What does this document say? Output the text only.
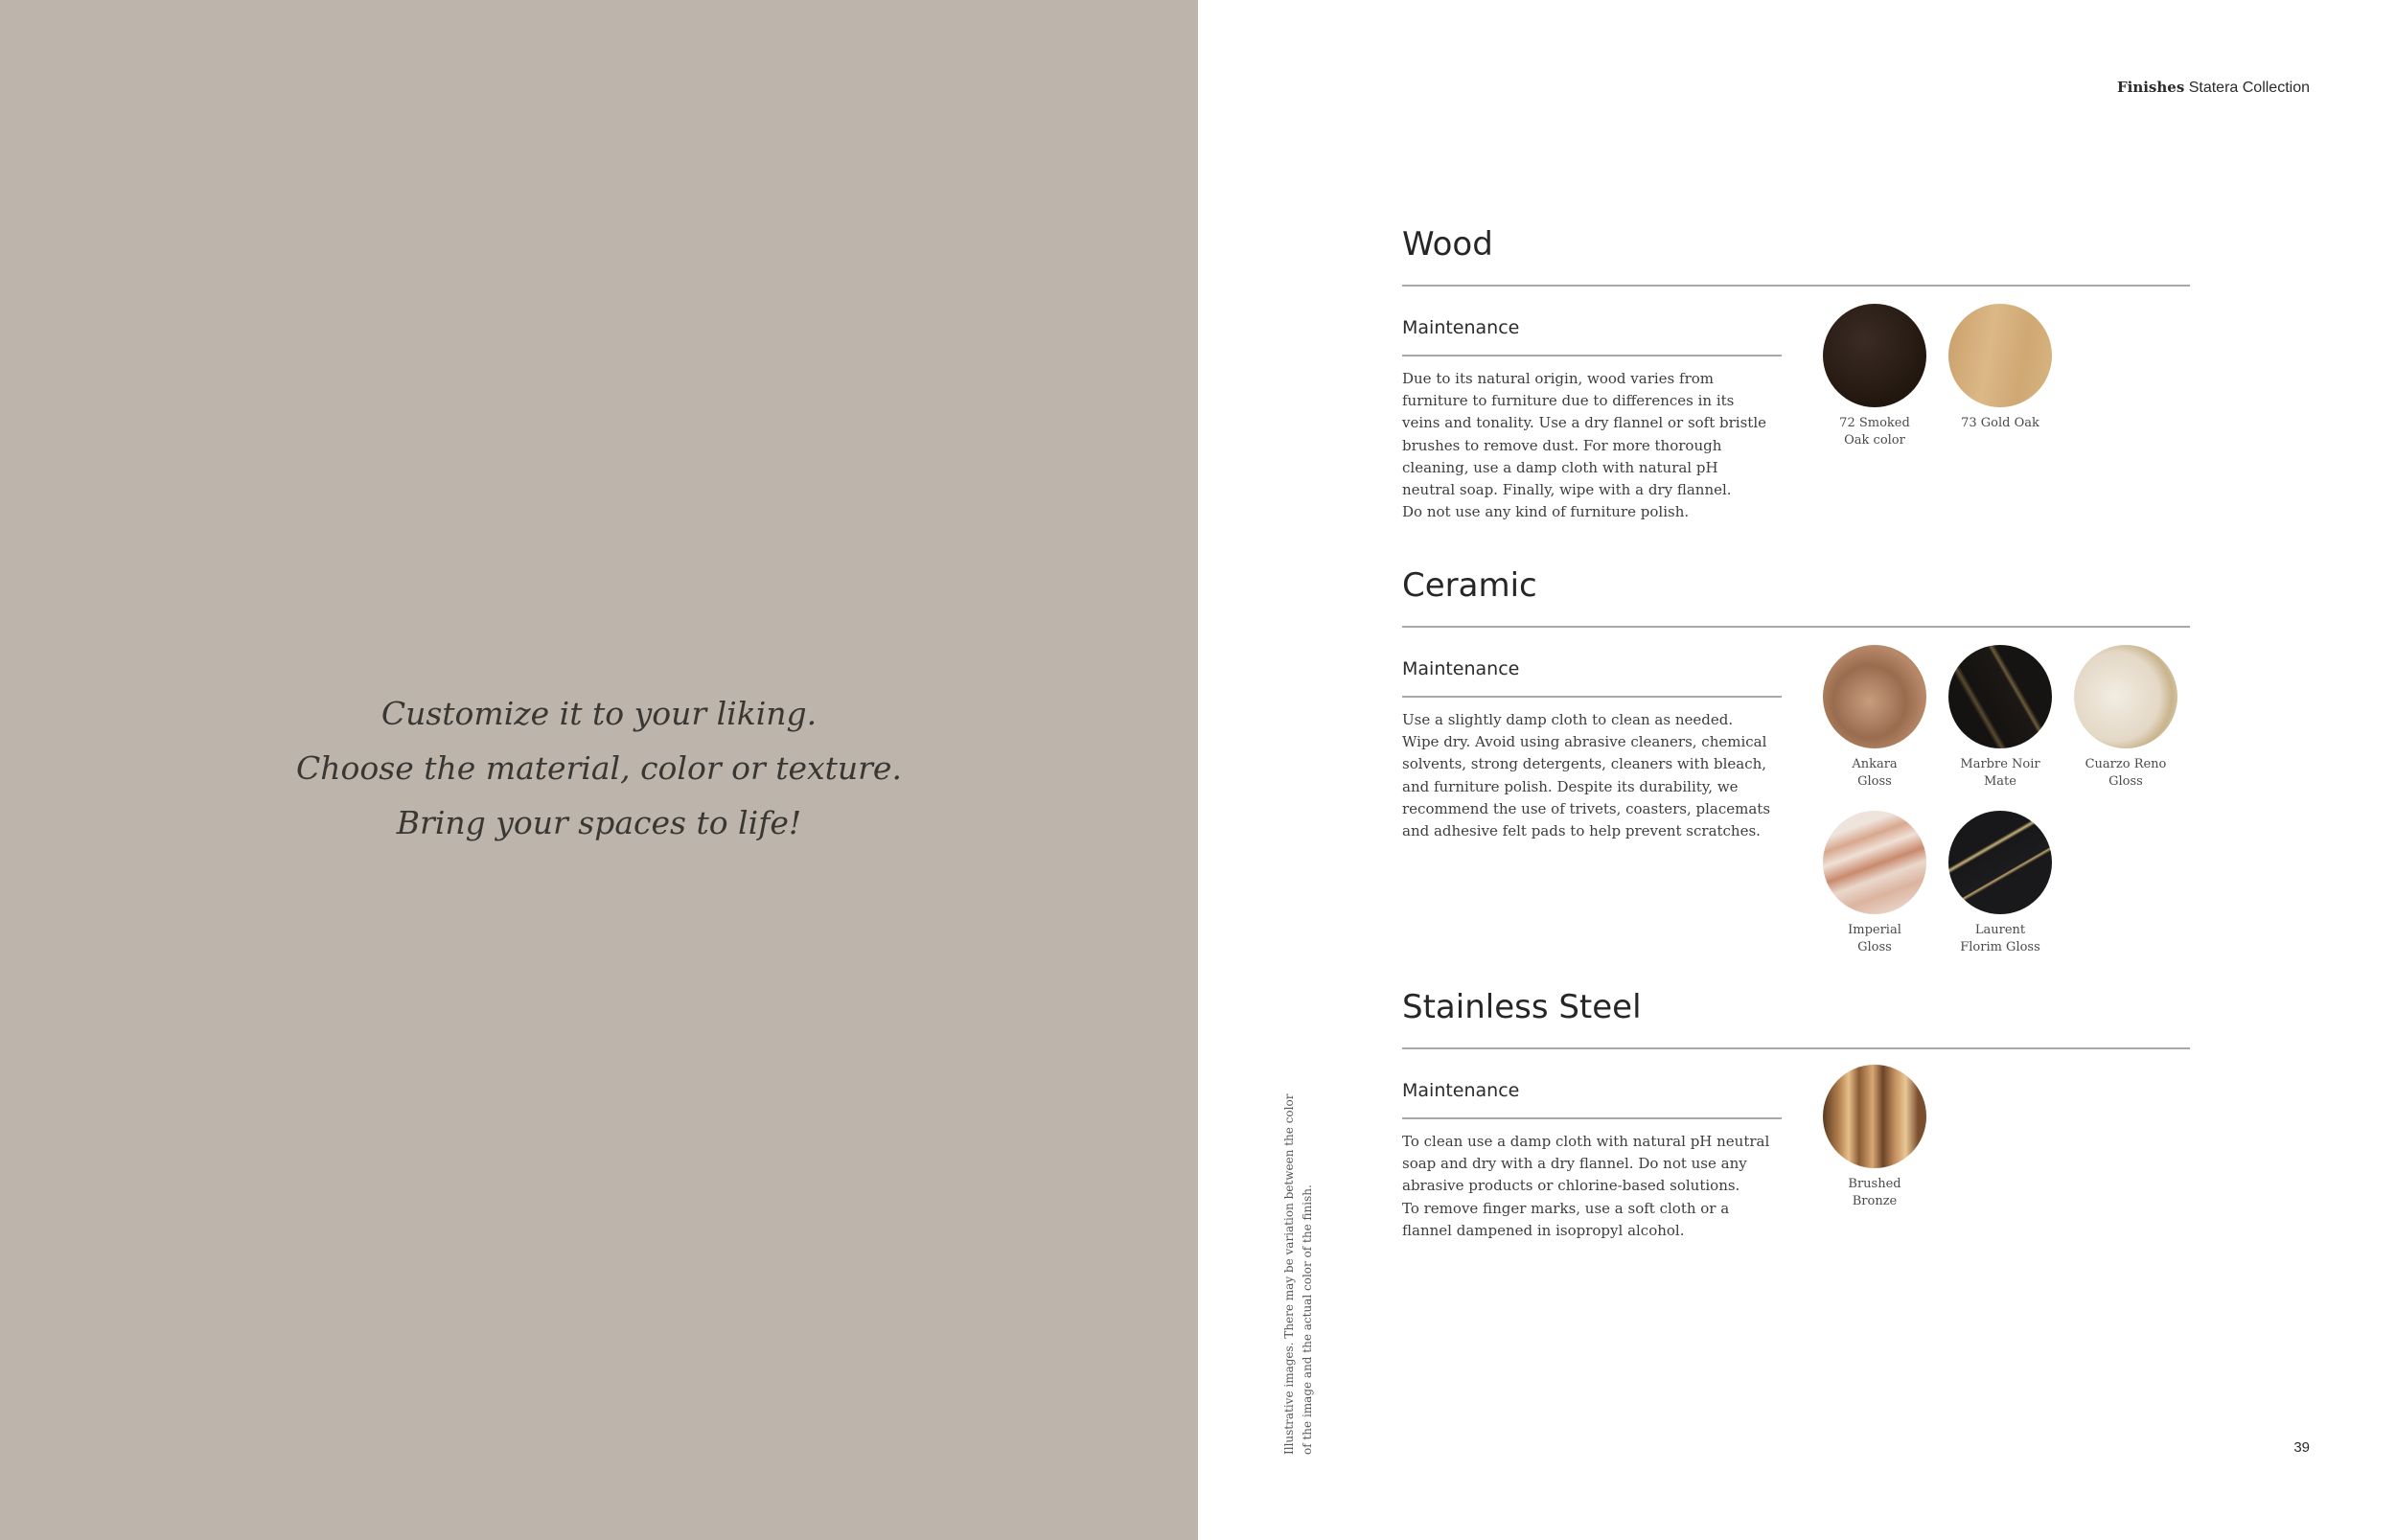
Customize it to your liking.
Choose the material, color or texture.
Bring your spaces to life!
Finishes Statera Collection
Wood
Maintenance
Due to its natural origin, wood varies from
furniture to furniture due to differences in its
veins and tonality. Use a dry flannel or soft bristle
brushes to remove dust. For more thorough
cleaning, use a damp cloth with natural pH
neutral soap. Finally, wipe with a dry flannel.
Do not use any kind of furniture polish.
72 Smoked
Oak color
73 Gold Oak
Ceramic
Maintenance
Use a slightly damp cloth to clean as needed.
Wipe dry. Avoid using abrasive cleaners, chemical
solvents, strong detergents, cleaners with bleach,
and furniture polish. Despite its durability, we
recommend the use of trivets, coasters, placemats
and adhesive felt pads to help prevent scratches.
Ankara
Gloss
Marbre Noir
Mate
Cuarzo Reno
Gloss
Imperial
Gloss
Laurent
Florim Gloss
Stainless Steel
Maintenance
To clean use a damp cloth with natural pH neutral
soap and dry with a dry flannel. Do not use any
abrasive products or chlorine-based solutions.
To remove finger marks, use a soft cloth or a
flannel dampened in isopropyl alcohol.
Brushed
Bronze
Illustrative images. There may be variation between the color of the image and the actual color of the finish.	39
